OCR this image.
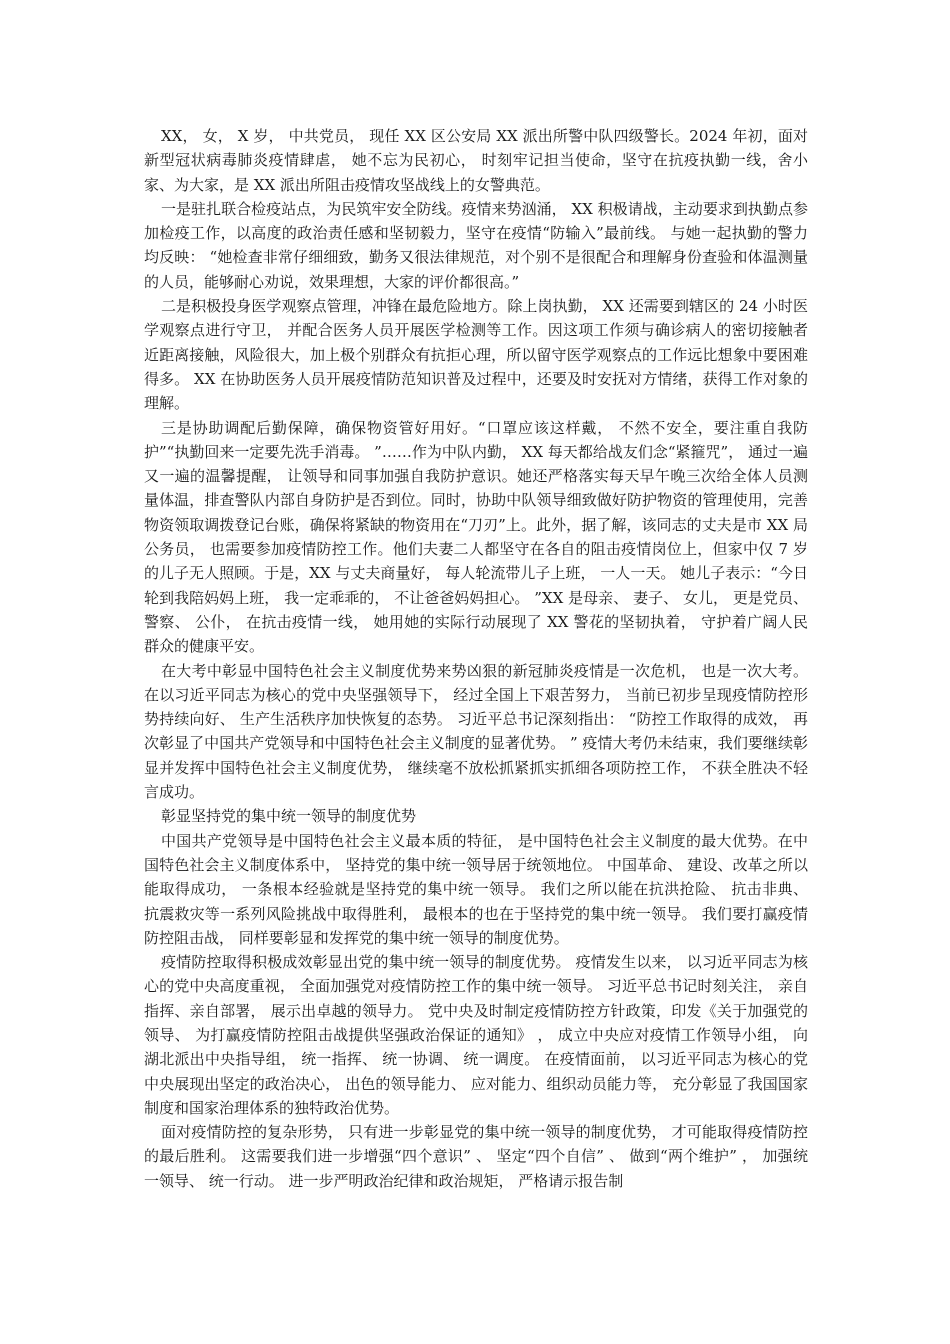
XX， 女， X 岁， 中共党员， 现任 XX 区公安局 XX 派出所警中队四级警长。2024 年初，面对新型冠状病毒肺炎疫情肆虐， 她不忘为民初心， 时刻牢记担当使命，坚守在抗疫执勤一线，舍小家、为大家，是 XX 派出所阻击疫情攻坚战线上的女警典范。

一是驻扎联合检疫站点，为民筑牢安全防线。疫情来势汹涌， XX 积极请战，主动要求到执勤点参加检疫工作，以高度的政治责任感和坚韧毅力，坚守在疫情“防输入”最前线。 与她一起执勤的警力均反映： “她检查非常仔细细致，勤务又很法律规范，对个别不是很配合和理解身份查验和体温测量的人员，能够耐心劝说，效果理想，大家的评价都很高。”

二是积极投身医学观察点管理，冲锋在最危险地方。除上岗执勤， XX 还需要到辖区的 24 小时医学观察点进行守卫， 并配合医务人员开展医学检测等工作。因这项工作须与确诊病人的密切接触者近距离接触，风险很大，加上极个别群众有抗拒心理，所以留守医学观察点的工作远比想象中要困难得多。 XX 在协助医务人员开展疫情防范知识普及过程中，还要及时安抚对方情绪，获得工作对象的理解。

三是协助调配后勤保障，确保物资管好用好。“口罩应该这样戴， 不然不安全，要注重自我防护”“执勤回来一定要先洗手消毒。 ”……作为中队内勤， XX 每天都给战友们念“紧箍咒”， 通过一遍又一遍的温馨提醒， 让领导和同事加强自我防护意识。她还严格落实每天早午晚三次给全体人员测量体温，排查警队内部自身防护是否到位。同时，协助中队领导细致做好防护物资的管理使用，完善物资领取调拨登记台账，确保将紧缺的物资用在“刀刃”上。此外，据了解，该同志的丈夫是市 XX 局公务员， 也需要参加疫情防控工作。他们夫妻二人都坚守在各自的阻击疫情岗位上，但家中仅 7 岁的儿子无人照顾。于是，XX 与丈夫商量好， 每人轮流带儿子上班， 一人一天。 她儿子表示：“今日轮到我陪妈妈上班， 我一定乖乖的， 不让爸爸妈妈担心。 ”XX 是母亲、 妻子、 女儿， 更是党员、 警察、 公仆， 在抗击疫情一线， 她用她的实际行动展现了 XX 警花的坚韧执着， 守护着广阔人民群众的健康平安。

在大考中彰显中国特色社会主义制度优势来势凶狠的新冠肺炎疫情是一次危机， 也是一次大考。 在以习近平同志为核心的党中央坚强领导下， 经过全国上下艰苦努力， 当前已初步呈现疫情防控形势持续向好、 生产生活秩序加快恢复的态势。 习近平总书记深刻指出： “防控工作取得的成效， 再次彰显了中国共产党领导和中国特色社会主义制度的显著优势。 ” 疫情大考仍未结束，我们要继续彰显并发挥中国特色社会主义制度优势， 继续毫不放松抓紧抓实抓细各项防控工作， 不获全胜决不轻言成功。

彰显坚持党的集中统一领导的制度优势

中国共产党领导是中国特色社会主义最本质的特征， 是中国特色社会主义制度的最大优势。在中国特色社会主义制度体系中， 坚持党的集中统一领导居于统领地位。 中国革命、 建设、改革之所以能取得成功， 一条根本经验就是坚持党的集中统一领导。 我们之所以能在抗洪抢险、 抗击非典、 抗震救灾等一系列风险挑战中取得胜利， 最根本的也在于坚持党的集中统一领导。 我们要打赢疫情防控阻击战， 同样要彰显和发挥党的集中统一领导的制度优势。

疫情防控取得积极成效彰显出党的集中统一领导的制度优势。 疫情发生以来， 以习近平同志为核心的党中央高度重视， 全面加强党对疫情防控工作的集中统一领导。 习近平总书记时刻关注， 亲自指挥、亲自部署， 展示出卓越的领导力。 党中央及时制定疫情防控方针政策，印发《关于加强党的领导、 为打赢疫情防控阻击战提供坚强政治保证的通知》 ， 成立中央应对疫情工作领导小组， 向湖北派出中央指导组， 统一指挥、 统一协调、 统一调度。 在疫情面前， 以习近平同志为核心的党中央展现出坚定的政治决心， 出色的领导能力、 应对能力、组织动员能力等， 充分彰显了我国国家制度和国家治理体系的独特政治优势。

面对疫情防控的复杂形势， 只有进一步彰显党的集中统一领导的制度优势， 才可能取得疫情防控的最后胜利。 这需要我们进一步增强“四个意识” 、 坚定“四个自信” 、 做到“两个维护” ， 加强统一领导、 统一行动。 进一步严明政治纪律和政治规矩， 严格请示报告制
